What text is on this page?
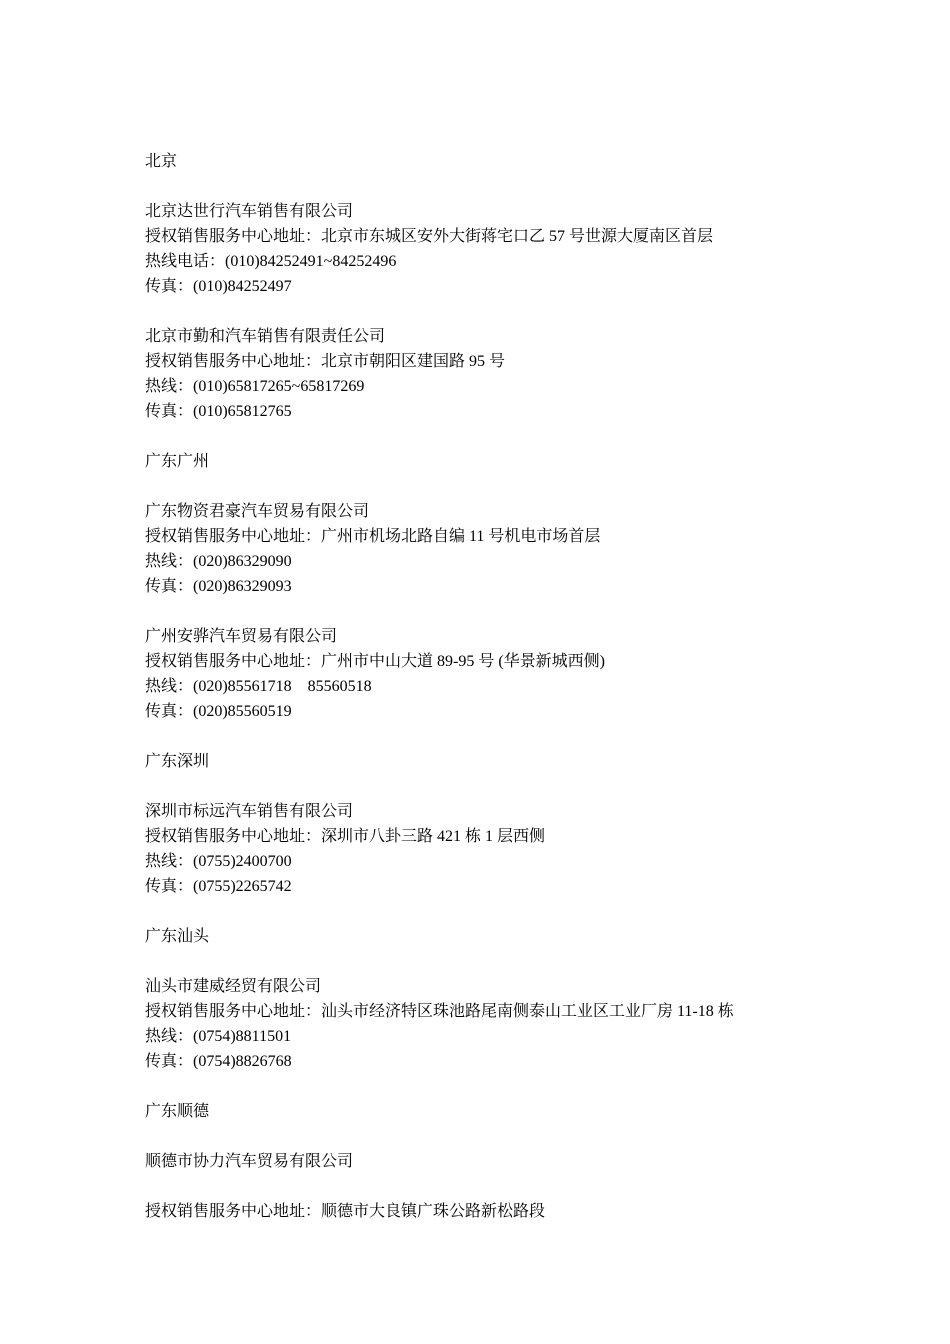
北京
北京达世行汽车销售有限公司
授权销售服务中心地址：北京市东城区安外大街蒋宅口乙 57 号世源大厦南区首层
热线电话：(010)84252491~84252496
传真：(010)84252497
北京市勤和汽车销售有限责任公司
授权销售服务中心地址：北京市朝阳区建国路 95 号
热线：(010)65817265~65817269
传真：(010)65812765
广东广州
广东物资君豪汽车贸易有限公司
授权销售服务中心地址：广州市机场北路自编 11 号机电市场首层
热线：(020)86329090
传真：(020)86329093
广州安骅汽车贸易有限公司
授权销售服务中心地址：广州市中山大道 89-95 号 (华景新城西侧)
热线：(020)85561718　85560518
传真：(020)85560519
广东深圳
深圳市标远汽车销售有限公司
授权销售服务中心地址：深圳市八卦三路 421 栋 1 层西侧
热线：(0755)2400700
传真：(0755)2265742
广东汕头
汕头市建威经贸有限公司
授权销售服务中心地址：汕头市经济特区珠池路尾南侧泰山工业区工业厂房 11-18 栋
热线：(0754)8811501
传真：(0754)8826768
广东顺德
顺德市协力汽车贸易有限公司
授权销售服务中心地址：顺德市大良镇广珠公路新松路段
